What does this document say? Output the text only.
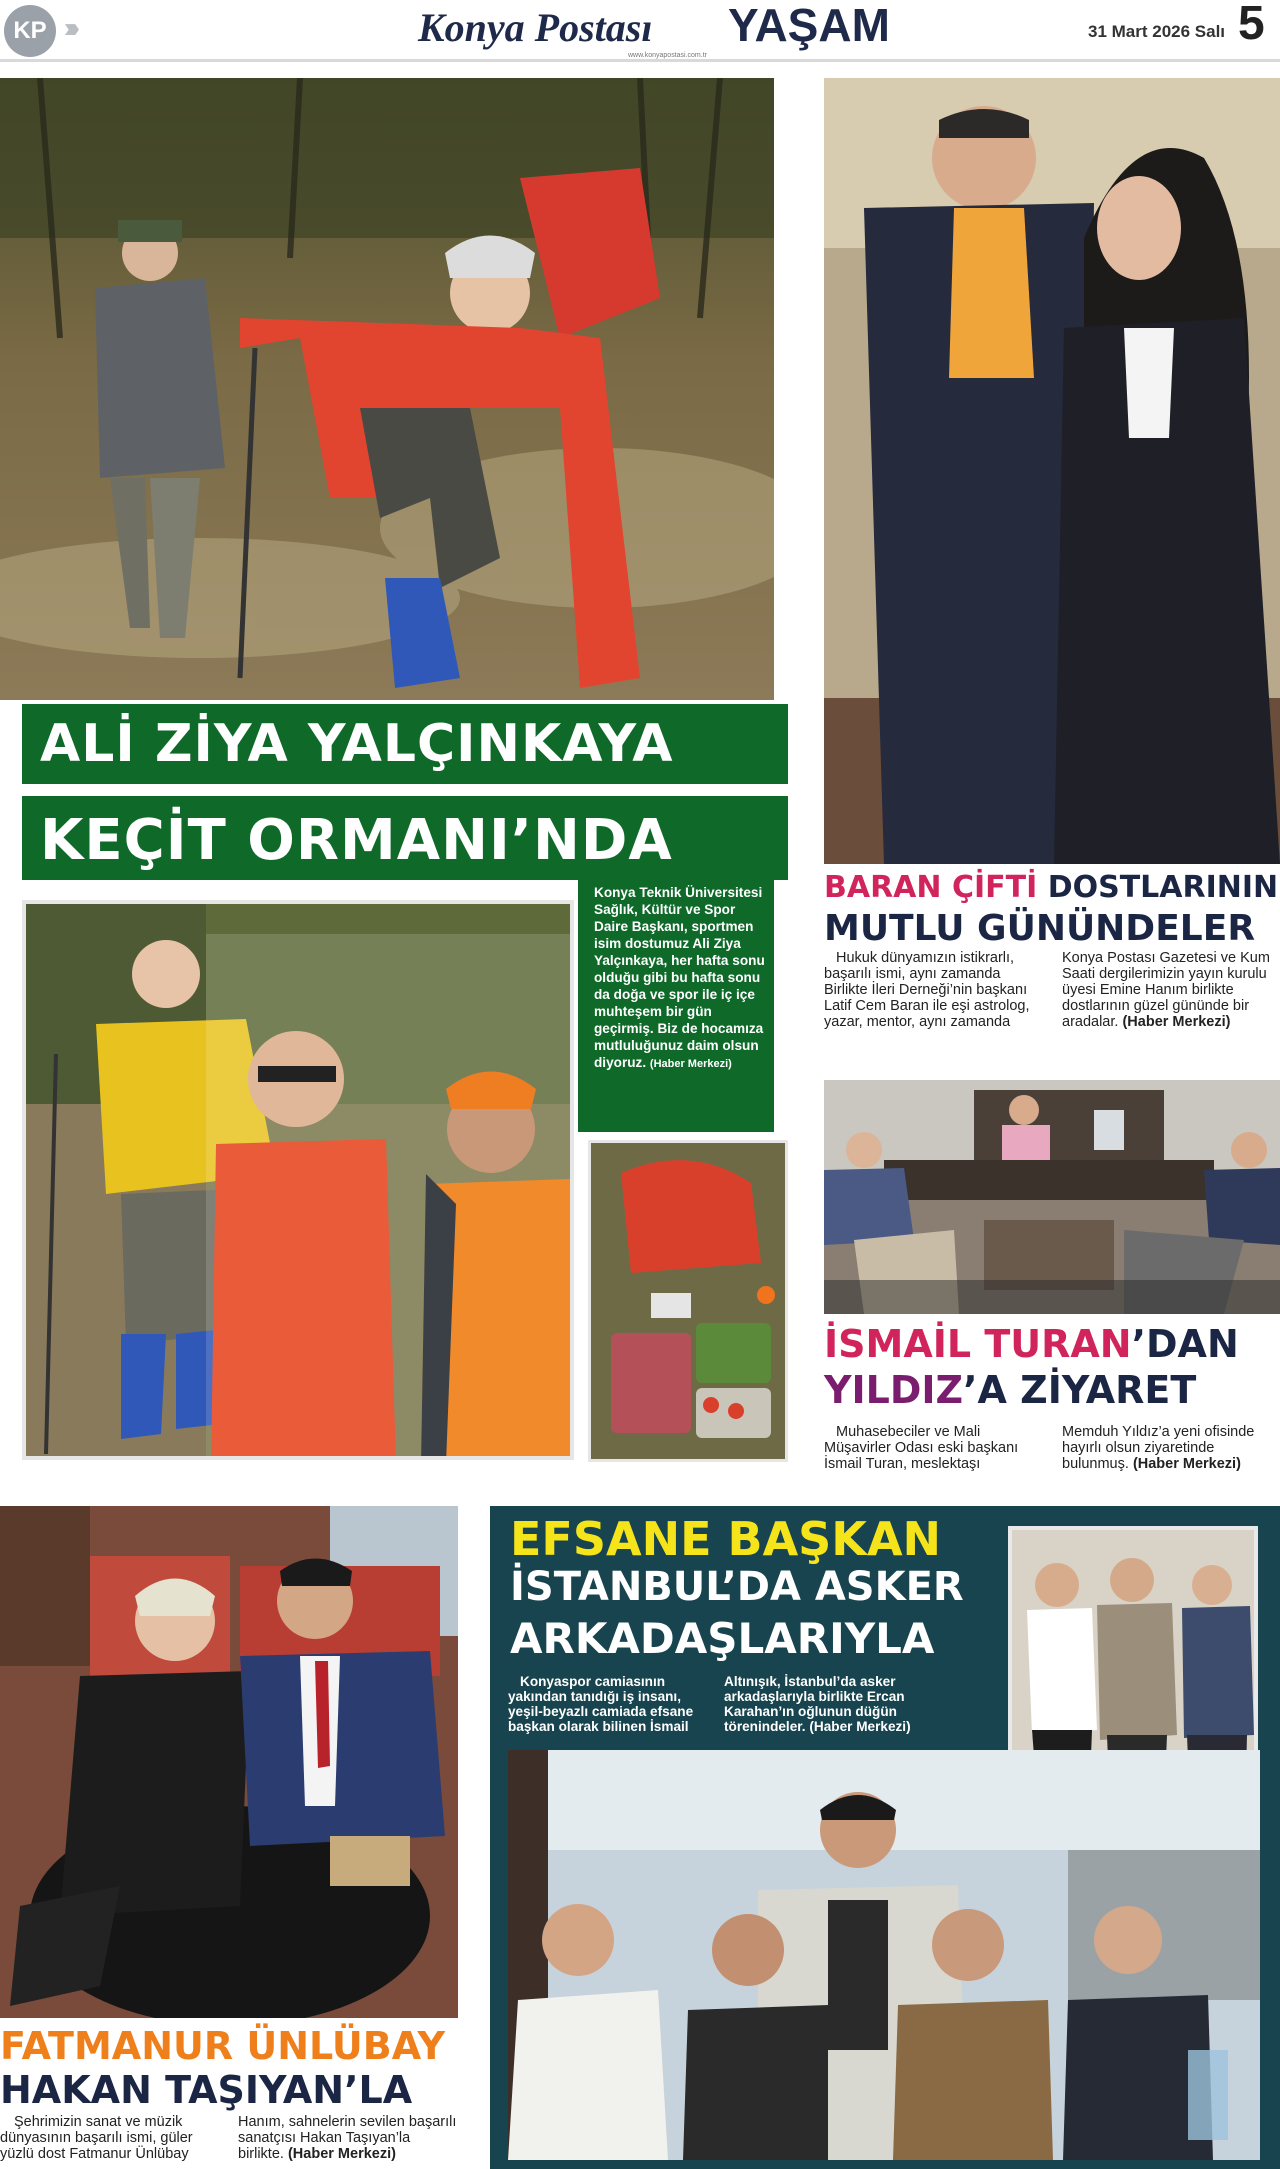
KP ›››	Konya Postası YAŞAM
www.konyapostasi.com.tr
31 Mart 2026 Salı 5
ALİ ZİYA YALÇINKAYA
KEÇİT ORMANI’NDA
Konya Teknik Üniversitesi Sağlık, Kültür ve Spor Daire Başkanı, sportmen isim dostumuz Ali Ziya Yalçınkaya, her hafta sonu olduğu gibi bu hafta sonu da doğa ve spor ile iç içe muhteşem bir gün geçirmiş. Biz de hocamıza mutluluğunuz daim olsun diyoruz. (Haber Merkezi)
BARAN ÇİFTİ DOSTLARININ
MUTLU GÜNÜNDELER
Hukuk dünyamızın istikrarlı, başarılı ismi, aynı zamanda Birlikte İleri Derneği’nin başkanı Latif Cem Baran ile eşi astrolog, yazar, mentor, aynı zamanda
Konya Postası Gazetesi ve Kum Saati dergilerimizin yayın kurulu üyesi Emine Hanım birlikte dostlarının güzel gününde bir aradalar. (Haber Merkezi)
İSMAİL TURAN’DAN
YILDIZ’A ZİYARET
Muhasebeciler ve Mali Müşavirler Odası eski başkanı İsmail Turan, meslektaşı
Memduh Yıldız’a yeni ofisinde hayırlı olsun ziyaretinde bulunmuş. (Haber Merkezi)
FATMANUR ÜNLÜBAY
HAKAN TAŞIYAN’LA
Şehrimizin sanat ve müzik dünyasının başarılı ismi, güler yüzlü dost Fatmanur Ünlübay
Hanım, sahnelerin sevilen başarılı sanatçısı Hakan Taşıyan’la birlikte. (Haber Merkezi)
EFSANE BAŞKAN
İSTANBUL’DA ASKER
ARKADAŞLARIYLA
Konyaspor camiasının yakından tanıdığı iş insanı, yeşil-beyazlı camiada efsane başkan olarak bilinen İsmail
Altınışık, İstanbul’da asker arkadaşlarıyla birlikte Ercan Karahan’ın oğlunun düğün törenindeler. (Haber Merkezi)
